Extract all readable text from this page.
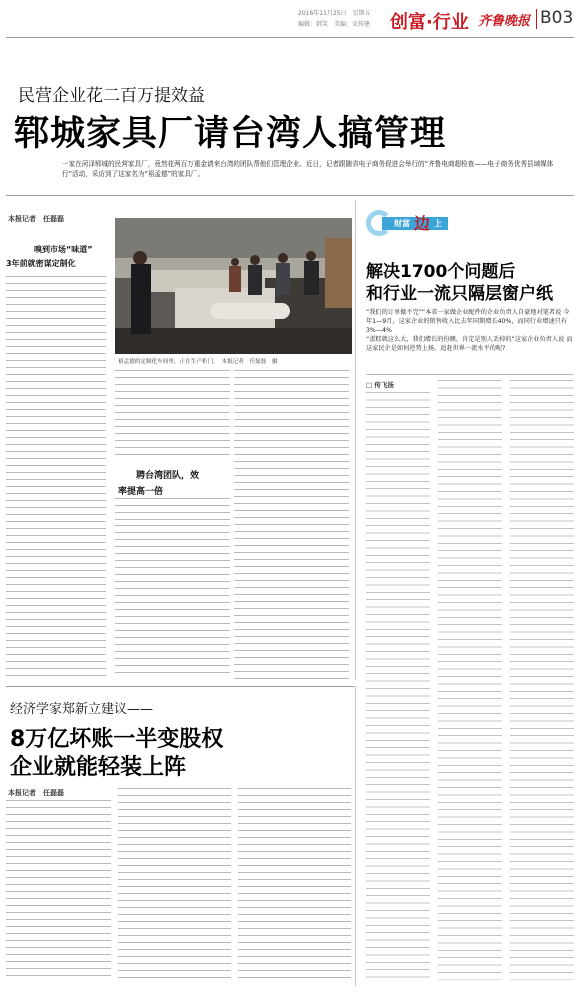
2016年11月25日　星期五
编辑：韩笑　美编：宋传建 创富·行业 齐鲁晚报 B03
民营企业花二百万提效益
郓城家具厂请台湾人搞管理
一家在菏泽郓城的民营家具厂，竟然花两百万重金请来台湾的团队帮他们管理企业。近日，记者跟随省电子商务促进会举行的“齐鲁电商超检查——电子商务优秀县域媒体行”活动，采访到了这家名为“裕孟德”的家具厂。
本报记者　任磊磊
嗅到市场“味道”
3年前就密谋定制化
裕孟德的定制化车间里，正在生产柜门。　本报记者　任磊磊　摄
聘台湾团队，效
率提高一倍
财富 边 上
解决1700个问题后
和行业一流只隔层窗户纸
“我们的订单做不完”“本省一家做企业配件的企业负责人自豪地对笔者说 今年1—9月，这家企业的销售收入比去年同期增长40%，而同行业增速只有3%—4%
“蛋糕就这么大，我们增长的份额，肯定是别人丢掉的”这家企业负责人说 而这家民企是如何逆势上扬，追赶世界一流水平的呢?
□ 传飞扬
经济学家郑新立建议——
8万亿坏账一半变股权
企业就能轻装上阵
本报记者　任磊磊
